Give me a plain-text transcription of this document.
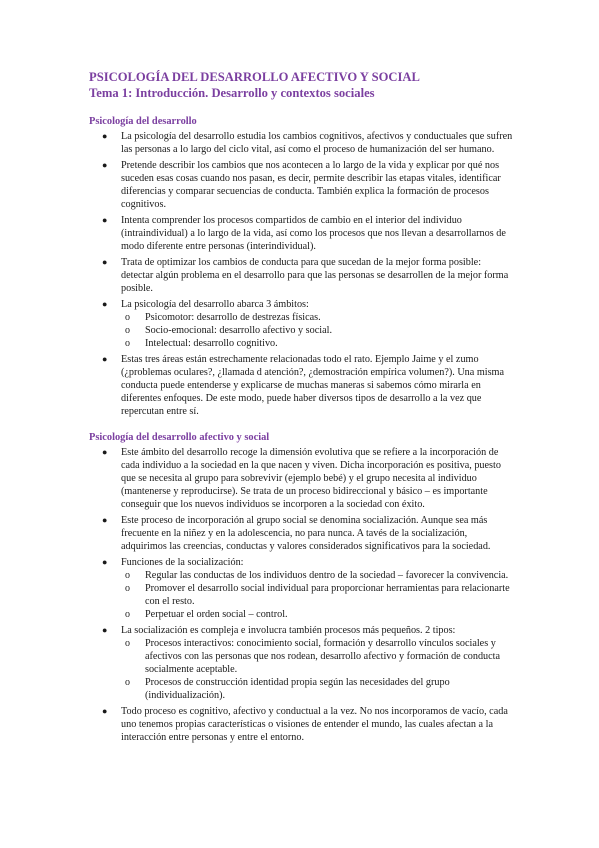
PSICOLOGÍA DEL DESARROLLO AFECTIVO Y SOCIAL
Tema 1: Introducción. Desarrollo y contextos sociales
Psicología del desarrollo
● La psicología del desarrollo estudia los cambios cognitivos, afectivos y conductuales que sufren las personas a lo largo del ciclo vital, así como el proceso de humanización del ser humano.
● Pretende describir los cambios que nos acontecen a lo largo de la vida y explicar por qué nos suceden esas cosas cuando nos pasan, es decir, permite describir las etapas vitales, identificar diferencias y comparar secuencias de conducta. También explica la formación de procesos cognitivos.
● Intenta comprender los procesos compartidos de cambio en el interior del individuo (intraindividual) a lo largo de la vida, así como los procesos que nos llevan a desarrollarnos de modo diferente entre personas (interindividual).
● Trata de optimizar los cambios de conducta para que sucedan de la mejor forma posible: detectar algún problema en el desarrollo para que las personas se desarrollen de la mejor forma posible.
● La psicología del desarrollo abarca 3 ámbitos:
o Psicomotor: desarrollo de destrezas físicas.
o Socio-emocional: desarrollo afectivo y social.
o Intelectual: desarrollo cognitivo.
● Estas tres áreas están estrechamente relacionadas todo el rato. Ejemplo Jaime y el zumo (¿problemas oculares?, ¿llamada d atención?, ¿demostración empírica volumen?). Una misma conducta puede entenderse y explicarse de muchas maneras si sabemos cómo mirarla en diferentes enfoques. De este modo, puede haber diversos tipos de desarrollo a la vez que repercutan entre sí.
Psicología del desarrollo afectivo y social
● Este ámbito del desarrollo recoge la dimensión evolutiva que se refiere a la incorporación de cada individuo a la sociedad en la que nacen y viven. Dicha incorporación es positiva, puesto que se necesita al grupo para sobrevivir (ejemplo bebé) y el grupo necesita al individuo (mantenerse y reproducirse). Se trata de un proceso bidireccional y básico – es importante conseguir que los nuevos individuos se incorporen a la sociedad con éxito.
● Este proceso de incorporación al grupo social se denomina socialización. Aunque sea más frecuente en la niñez y en la adolescencia, no para nunca. A tavés de la socialización, adquirimos las creencias, conductas y valores considerados significativos para la sociedad.
● Funciones de la socialización:
o Regular las conductas de los individuos dentro de la sociedad – favorecer la convivencia.
o Promover el desarrollo social individual para proporcionar herramientas para relacionarte con el resto.
o Perpetuar el orden social – control.
● La socialización es compleja e involucra también procesos más pequeños. 2 tipos:
o Procesos interactivos: conocimiento social, formación y desarrollo vínculos sociales y afectivos con las personas que nos rodean, desarrollo afectivo y formación de conducta socialmente aceptable.
o Procesos de construcción identidad propia según las necesidades del grupo (individualización).
● Todo proceso es cognitivo, afectivo y conductual a la vez. No nos incorporamos de vacío, cada uno tenemos propias características o visiones de entender el mundo, las cuales afectan a la interacción entre personas y entre el entorno.
